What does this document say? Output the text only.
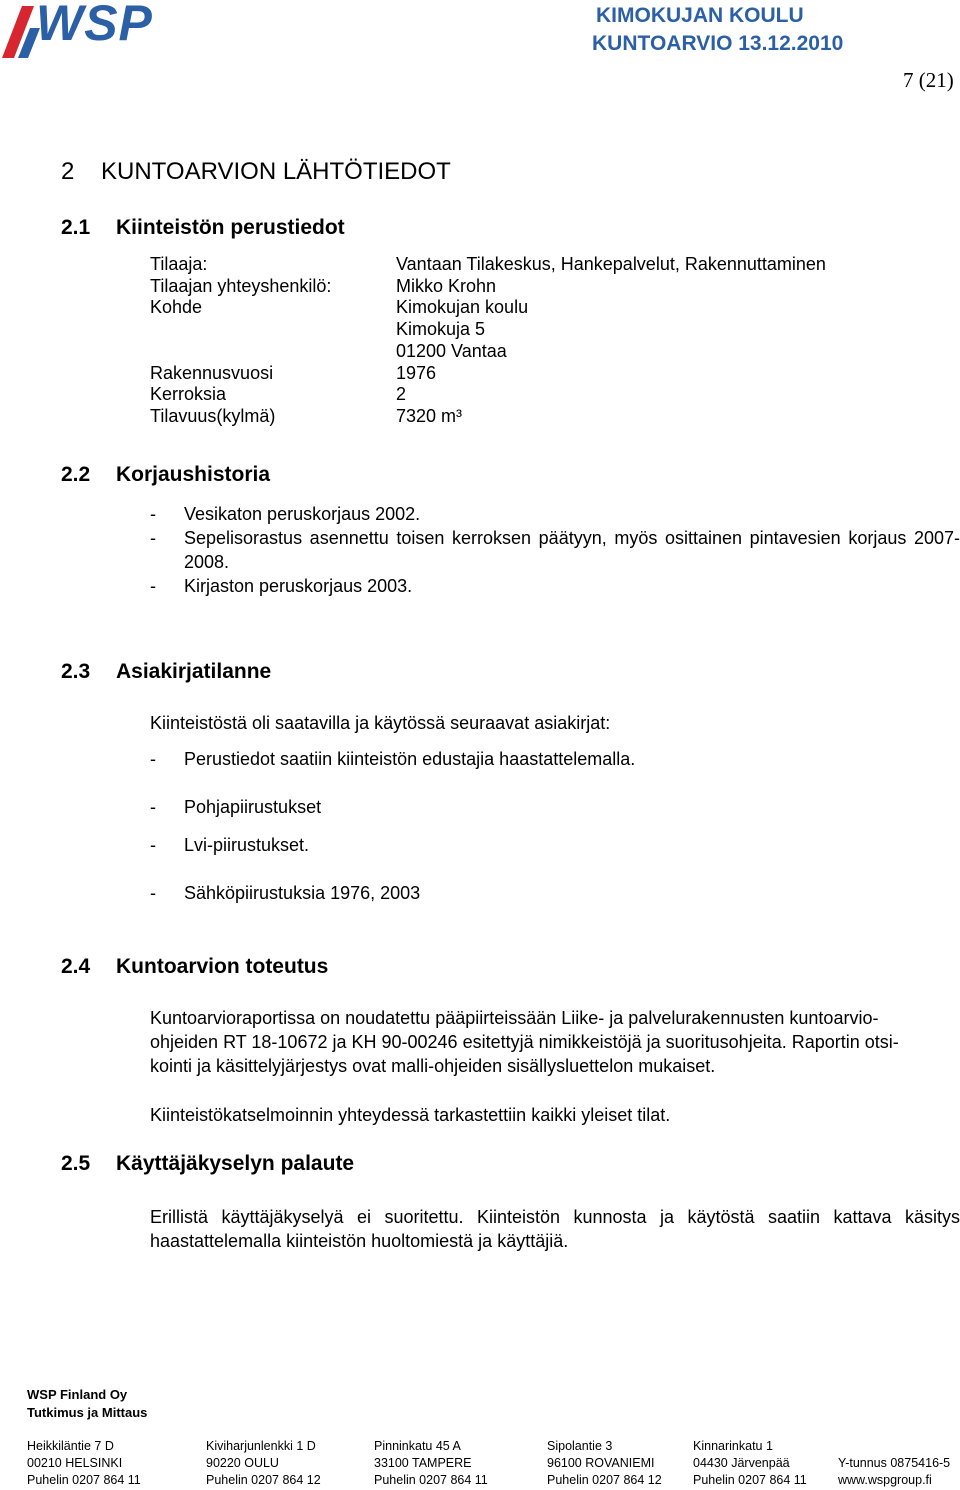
WSP	KIMOKUJAN KOULU
KUNTOARVIO 13.12.2010
7 (21)
2 KUNTOARVION LÄHTÖTIEDOT
2.1 Kiinteistön perustiedot
Tilaaja:	Vantaan Tilakeskus, Hankepalvelut, Rakennuttaminen
Tilaajan yhteyshenkilö:	Mikko Krohn
Kohde	Kimokujan koulu
Kimokuja 5
01200 Vantaa
Rakennusvuosi	1976
Kerroksia	2
Tilavuus(kylmä)	7320 m³
2.2 Korjaushistoria
-	Vesikaton peruskorjaus 2002.
-	Sepelisorastus asennettu toisen kerroksen päätyyn, myös osittainen pintavesien korjaus 2007-2008.
-	Kirjaston peruskorjaus 2003.
2.3 Asiakirjatilanne
Kiinteistöstä oli saatavilla ja käytössä seuraavat asiakirjat:
- Perustiedot saatiin kiinteistön edustajia haastattelemalla.
- Pohjapiirustukset
- Lvi-piirustukset.
- Sähköpiirustuksia 1976, 2003
2.4 Kuntoarvion toteutus
Kuntoarvioraportissa on noudatettu pääpiirteissään Liike- ja palvelurakennusten kuntoarvio-
ohjeiden RT 18-10672 ja KH 90-00246 esitettyjä nimikkeistöjä ja suoritusohjeita. Raportin otsi-
kointi ja käsittelyjärjestys ovat malli-ohjeiden sisällysluettelon mukaiset.
Kiinteistökatselmoinnin yhteydessä tarkastettiin kaikki yleiset tilat.
2.5 Käyttäjäkyselyn palaute
Erillistä käyttäjäkyselyä ei suoritettu. Kiinteistön kunnosta ja käytöstä saatiin kattava käsitys haastattelemalla kiinteistön huoltomiestä ja käyttäjiä.
WSP Finland Oy
Tutkimus ja Mittaus
Heikkiläntie 7 D
00210 HELSINKI
Puhelin 0207 864 11
Kiviharjunlenkki 1 D
90220 OULU
Puhelin 0207 864 12
Pinninkatu 45 A
33100 TAMPERE
Puhelin 0207 864 11
Sipolantie 3
96100 ROVANIEMI
Puhelin 0207 864 12
Kinnarinkatu 1
04430 Järvenpää
Puhelin 0207 864 11

Y-tunnus 0875416-5
www.wspgroup.fi
